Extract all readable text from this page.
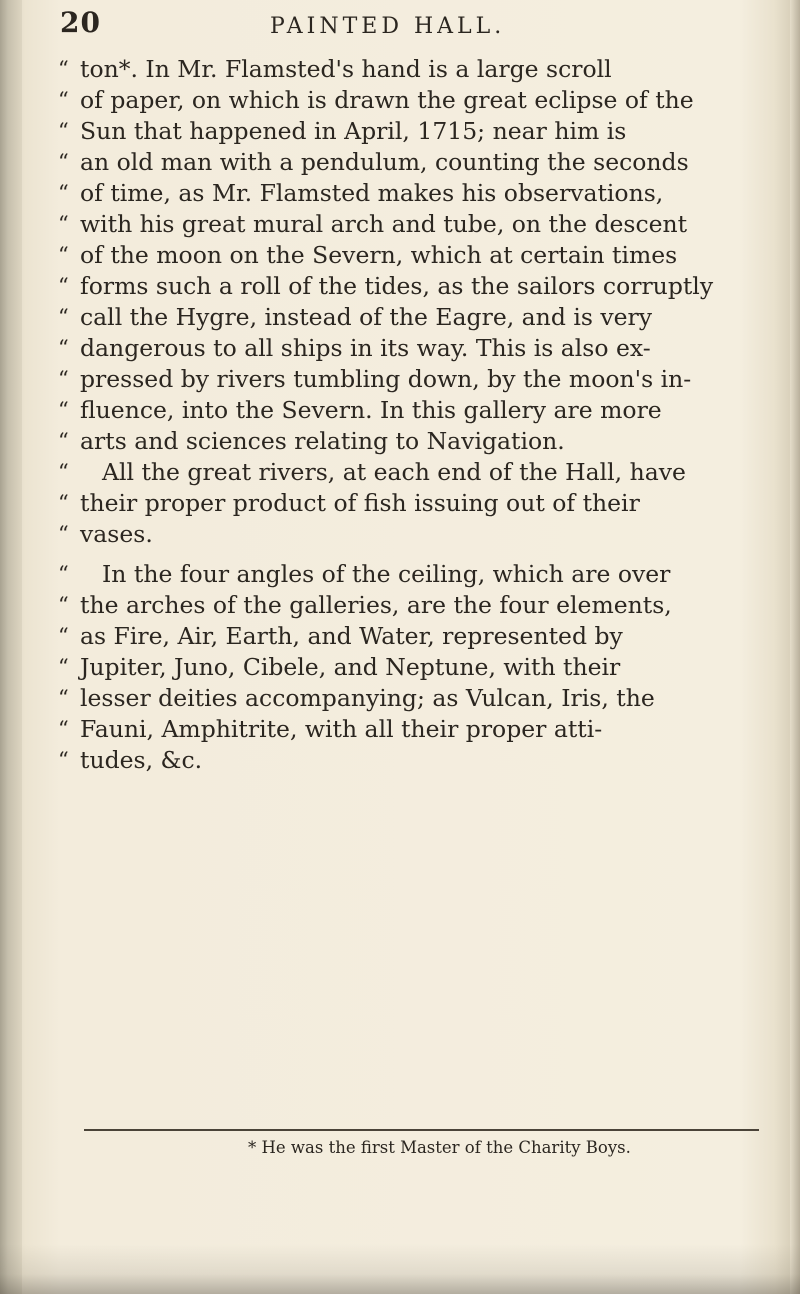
20	PAINTED HALL.
“ ton*. In Mr. Flamsted's hand is a large scroll
“ of paper, on which is drawn the great eclipse of the
“ Sun that happened in April, 1715; near him is
“ an old man with a pendulum, counting the seconds
“ of time, as Mr. Flamsted makes his observations,
“ with his great mural arch and tube, on the descent
“ of the moon on the Severn, which at certain times
“ forms such a roll of the tides, as the sailors corruptly
“ call the Hygre, instead of the Eagre, and is very
“ dangerous to all ships in its way. This is also ex-
“ pressed by rivers tumbling down, by the moon's in-
“ fluence, into the Severn. In this gallery are more
“ arts and sciences relating to Navigation.
“ All the great rivers, at each end of the Hall, have
“ their proper product of fish issuing out of their
“ vases.
“ In the four angles of the ceiling, which are over
“ the arches of the galleries, are the four elements,
“ as Fire, Air, Earth, and Water, represented by
“ Jupiter, Juno, Cibele, and Neptune, with their
“ lesser deities accompanying; as Vulcan, Iris, the
“ Fauni, Amphitrite, with all their proper atti-
“ tudes, &c.
* He was the first Master of the Charity Boys.
